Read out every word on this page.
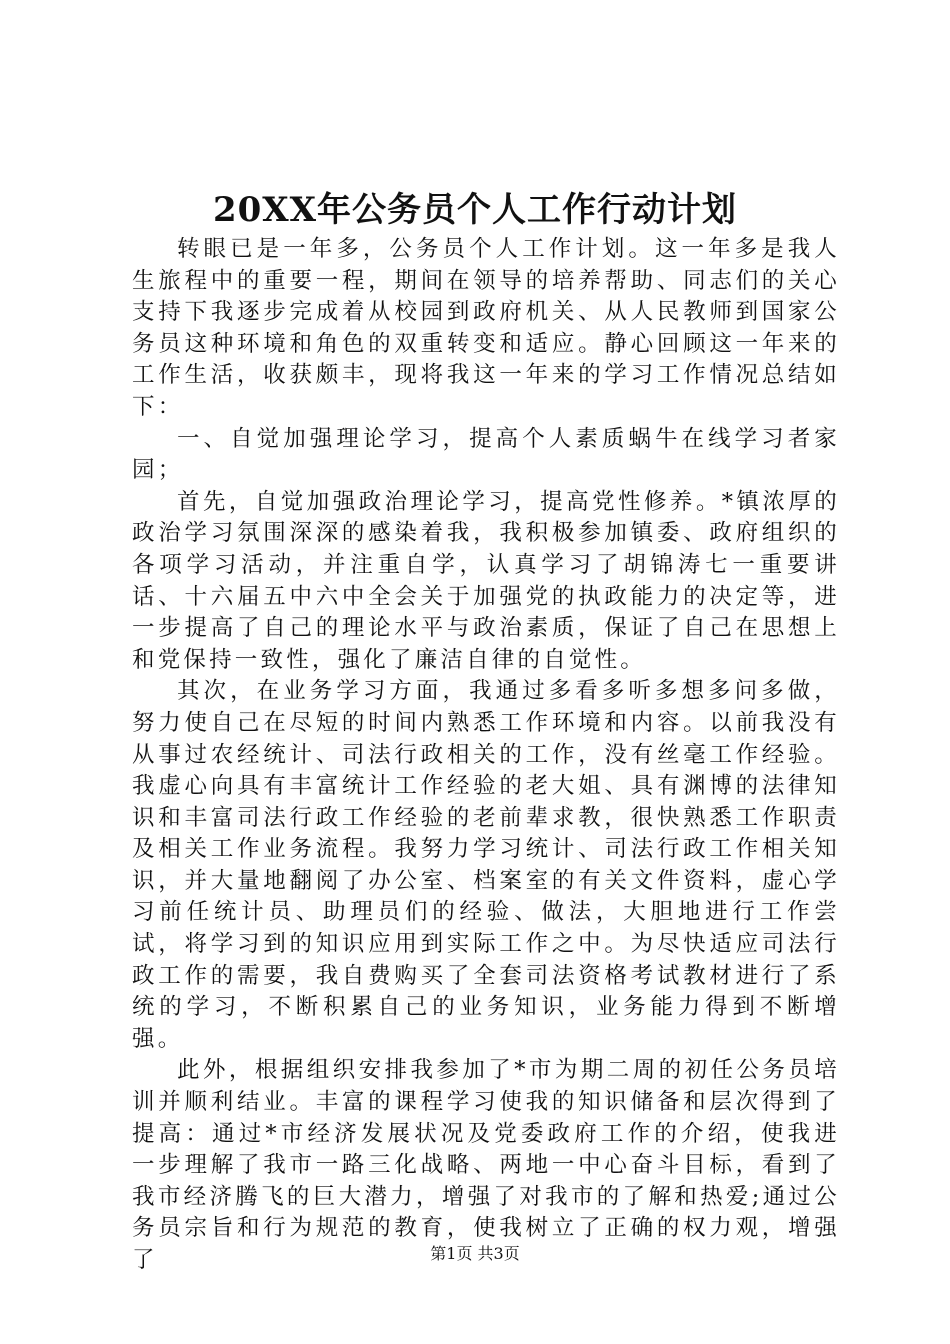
20XX年公务员个人工作行动计划

转眼已是一年多，公务员个人工作计划。这一年多是我人生旅程中的重要一程，期间在领导的培养帮助、同志们的关心支持下我逐步完成着从校园到政府机关、从人民教师到国家公务员这种环境和角色的双重转变和适应。静心回顾这一年来的工作生活，收获颇丰，现将我这一年来的学习工作情况总结如下：

一、自觉加强理论学习，提高个人素质蜗牛在线学习者家园；

首先，自觉加强政治理论学习，提高党性修养。*镇浓厚的政治学习氛围深深的感染着我，我积极参加镇委、政府组织的各项学习活动，并注重自学，认真学习了胡锦涛七一重要讲话、十六届五中六中全会关于加强党的执政能力的决定等，进一步提高了自己的理论水平与政治素质，保证了自己在思想上和党保持一致性，强化了廉洁自律的自觉性。

其次，在业务学习方面，我通过多看多听多想多问多做，努力使自己在尽短的时间内熟悉工作环境和内容。以前我没有从事过农经统计、司法行政相关的工作，没有丝毫工作经验。我虚心向具有丰富统计工作经验的老大姐、具有渊博的法律知识和丰富司法行政工作经验的老前辈求教，很快熟悉工作职责及相关工作业务流程。我努力学习统计、司法行政工作相关知识，并大量地翻阅了办公室、档案室的有关文件资料，虚心学习前任统计员、助理员们的经验、做法，大胆地进行工作尝试，将学习到的知识应用到实际工作之中。为尽快适应司法行政工作的需要，我自费购买了全套司法资格考试教材进行了系统的学习，不断积累自己的业务知识，业务能力得到不断增强。

此外，根据组织安排我参加了*市为期二周的初任公务员培训并顺利结业。丰富的课程学习使我的知识储备和层次得到了提高：通过*市经济发展状况及党委政府工作的介绍，使我进一步理解了我市一路三化战略、两地一中心奋斗目标，看到了我市经济腾飞的巨大潜力，增强了对我市的了解和热爱;通过公务员宗旨和行为规范的教育，使我树立了正确的权力观，增强了	第1页 共3页
